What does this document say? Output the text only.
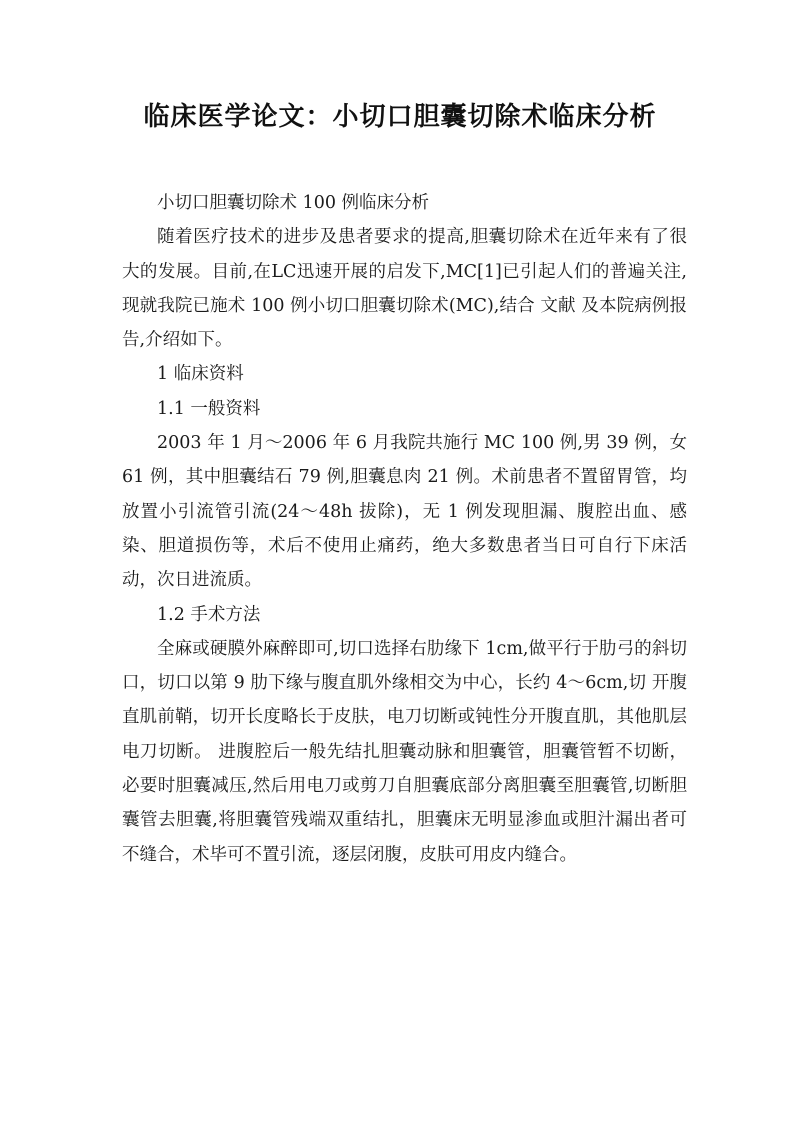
临床医学论文：小切口胆囊切除术临床分析

小切口胆囊切除术 100 例临床分析

随着医疗技术的进步及患者要求的提高,胆囊切除术在近年来有了很大的发展。目前,在LC迅速开展的启发下,MC[1]已引起人们的普遍关注,现就我院已施术 100 例小切口胆囊切除术(MC),结合 文献 及本院病例报告,介绍如下。

1 临床资料

1.1 一般资料

2003 年 1 月～2006 年 6 月我院共施行 MC 100 例,男 39 例，女 61 例，其中胆囊结石 79 例,胆囊息肉 21 例。术前患者不置留胃管，均放置小引流管引流(24～48h 拔除)，无 1 例发现胆漏、腹腔出血、感染、胆道损伤等，术后不使用止痛药，绝大多数患者当日可自行下床活动，次日进流质。

1.2 手术方法

全麻或硬膜外麻醉即可,切口选择右肋缘下 1cm,做平行于肋弓的斜切口，切口以第 9 肋下缘与腹直肌外缘相交为中心，长约 4～6cm,切 开腹直肌前鞘，切开长度略长于皮肤，电刀切断或钝性分开腹直肌，其他肌层电刀切断。 进腹腔后一般先结扎胆囊动脉和胆囊管，胆囊管暂不切断，必要时胆囊减压,然后用电刀或剪刀自胆囊底部分离胆囊至胆囊管,切断胆囊管去胆囊,将胆囊管残端双重结扎，胆囊床无明显渗血或胆汁漏出者可不缝合，术毕可不置引流，逐层闭腹，皮肤可用皮内缝合。
